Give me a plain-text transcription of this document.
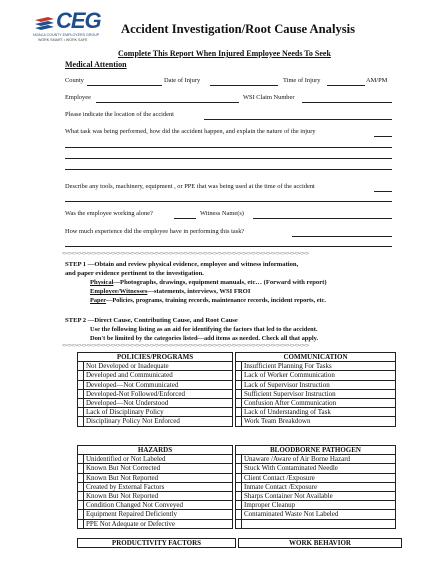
CEG
NOACA COUNTY EMPLOYERS GROUP
WORK SMART • WORK SAFE
Accident Investigation/Root Cause Analysis
Complete This Report When Injured Employee Needs To Seek
Medical Attention
County	Date of Injury	Time of Injury	AM/PM
Employee	WSI Claim Number
Please indicate the location of the accident
What task was being performed, how did the accident happen, and explain the nature of the injury
Describe any tools, machinery, equipment , or PPE that was being used at the time of the accident
Was the employee working alone?	Witness Name(s)
How much experience did the employee have in performing this task?
<><><><><><><><><><><><><><><><><><><><><><><><><><><><><><><><><><><><><><><><><><><><><><><><><><><>
STEP 1 —Obtain and review physical evidence, employee and witness information,
and paper evidence pertinent to the investigation.
Physical—Photographs, drawings, equipment manuals, etc… (Forward with report)
Employee/Witnesses—statements, interviews, WSI FROI
Paper—Policies, programs, training records, maintenance records, incident reports, etc.
STEP 2 —Direct Cause, Contributing Cause, and Root Cause
Use the following listing as an aid for identifying the factors that led to the accident.
Don't be limited by the categories listed—add items as needed. Check all that apply.
<><><><><><><><><><><><><><><><><><><><><><><><><><><><><><><><><><><><><><><><><><><><><><><><><><><>
POLICIES/PROGRAMS			COMMUNICATION	
	Not Developed or Inadequate			Insufficient Planning For Tasks
	Developed and Communicated			Lack of Worker Communication
	Developed—Not Communicated			Lack of Supervisor Instruction
	Developed-Not Followed/Enforced			Sufficient Supervisor Instruction
	Developed—Not Understood			Confusion After Communication
	Lack of Disciplinary Policy			Lack of Understanding of Task
	Disciplinary Policy Not Enforced			Work Team Breakdown
HAZARDS			BLOODBORNE PATHOGEN	
	Unidentified or Not Labeled			Unaware /Aware of Air Borne Hazard
	Known But Not Corrected			Stuck With Contaminated Needle
	Known But Not Reported			Client Contact /Exposure
	Created by External Factors			Inmate Contact /Exposure
	Known But Not Reported			Sharps Container Not Available
	Condition Changed Not Conveyed			Improper Cleanup
	Equipment Repaired Deficiently			Contaminated Waste Not Labeled
	PPE Not Adequate or Defective			
PRODUCTIVITY FACTORS		WORK BEHAVIOR
